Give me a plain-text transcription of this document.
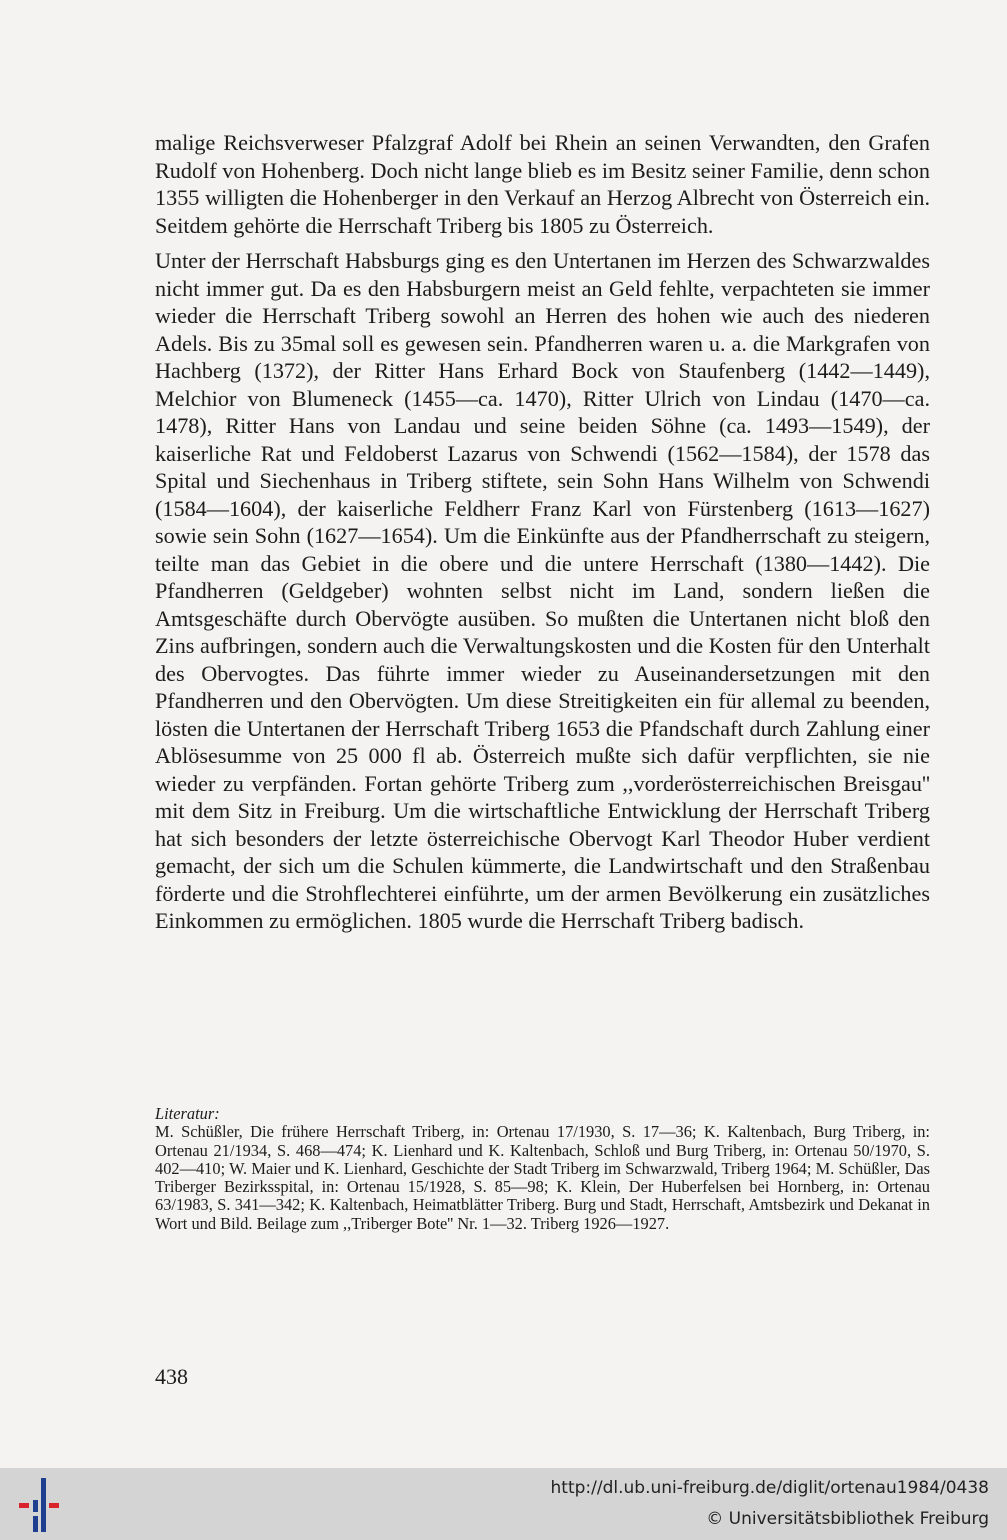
malige Reichsverweser Pfalzgraf Adolf bei Rhein an seinen Verwandten, den Grafen Rudolf von Hohenberg. Doch nicht lange blieb es im Besitz seiner Familie, denn schon 1355 willigten die Hohenberger in den Verkauf an Herzog Albrecht von Österreich ein. Seitdem gehörte die Herrschaft Triberg bis 1805 zu Österreich.

Unter der Herrschaft Habsburgs ging es den Untertanen im Herzen des Schwarzwaldes nicht immer gut. Da es den Habsburgern meist an Geld fehlte, verpachteten sie immer wieder die Herrschaft Triberg sowohl an Herren des hohen wie auch des niederen Adels. Bis zu 35mal soll es gewesen sein. Pfandherren waren u. a. die Markgrafen von Hachberg (1372), der Ritter Hans Erhard Bock von Staufenberg (1442—1449), Melchior von Blumeneck (1455—ca. 1470), Ritter Ulrich von Lindau (1470—ca. 1478), Ritter Hans von Landau und seine beiden Söhne (ca. 1493—1549), der kaiserliche Rat und Feldoberst Lazarus von Schwendi (1562—1584), der 1578 das Spital und Siechenhaus in Triberg stiftete, sein Sohn Hans Wilhelm von Schwendi (1584—1604), der kaiserliche Feldherr Franz Karl von Fürstenberg (1613—1627) sowie sein Sohn (1627—1654). Um die Einkünfte aus der Pfandherrschaft zu steigern, teilte man das Gebiet in die obere und die untere Herrschaft (1380—1442). Die Pfandherren (Geldgeber) wohnten selbst nicht im Land, sondern ließen die Amtsgeschäfte durch Obervögte ausüben. So mußten die Untertanen nicht bloß den Zins aufbringen, sondern auch die Verwaltungskosten und die Kosten für den Unterhalt des Obervogtes. Das führte immer wieder zu Auseinandersetzungen mit den Pfandherren und den Obervögten. Um diese Streitigkeiten ein für allemal zu beenden, lösten die Untertanen der Herrschaft Triberg 1653 die Pfandschaft durch Zahlung einer Ablösesumme von 25 000 fl ab. Österreich mußte sich dafür verpflichten, sie nie wieder zu verpfänden. Fortan gehörte Triberg zum ,,vorderösterreichischen Breisgau'' mit dem Sitz in Freiburg. Um die wirtschaftliche Entwicklung der Herrschaft Triberg hat sich besonders der letzte österreichische Obervogt Karl Theodor Huber verdient gemacht, der sich um die Schulen kümmerte, die Landwirtschaft und den Straßenbau förderte und die Strohflechterei einführte, um der armen Bevölkerung ein zusätzliches Einkommen zu ermöglichen. 1805 wurde die Herrschaft Triberg badisch.

Literatur:

M. Schüßler, Die frühere Herrschaft Triberg, in: Ortenau 17/1930, S. 17—36; K. Kaltenbach, Burg Triberg, in: Ortenau 21/1934, S. 468—474; K. Lienhard und K. Kaltenbach, Schloß und Burg Triberg, in: Ortenau 50/1970, S. 402—410; W. Maier und K. Lienhard, Geschichte der Stadt Triberg im Schwarzwald, Triberg 1964; M. Schüßler, Das Triberger Bezirksspital, in: Ortenau 15/1928, S. 85—98; K. Klein, Der Huberfelsen bei Hornberg, in: Ortenau 63/1983, S. 341—342; K. Kaltenbach, Heimatblätter Triberg. Burg und Stadt, Herrschaft, Amtsbezirk und Dekanat in Wort und Bild. Beilage zum ,,Triberger Bote'' Nr. 1—32. Triberg 1926—1927.

438
http://dl.ub.uni-freiburg.de/diglit/ortenau1984/0438
© Universitätsbibliothek Freiburg
